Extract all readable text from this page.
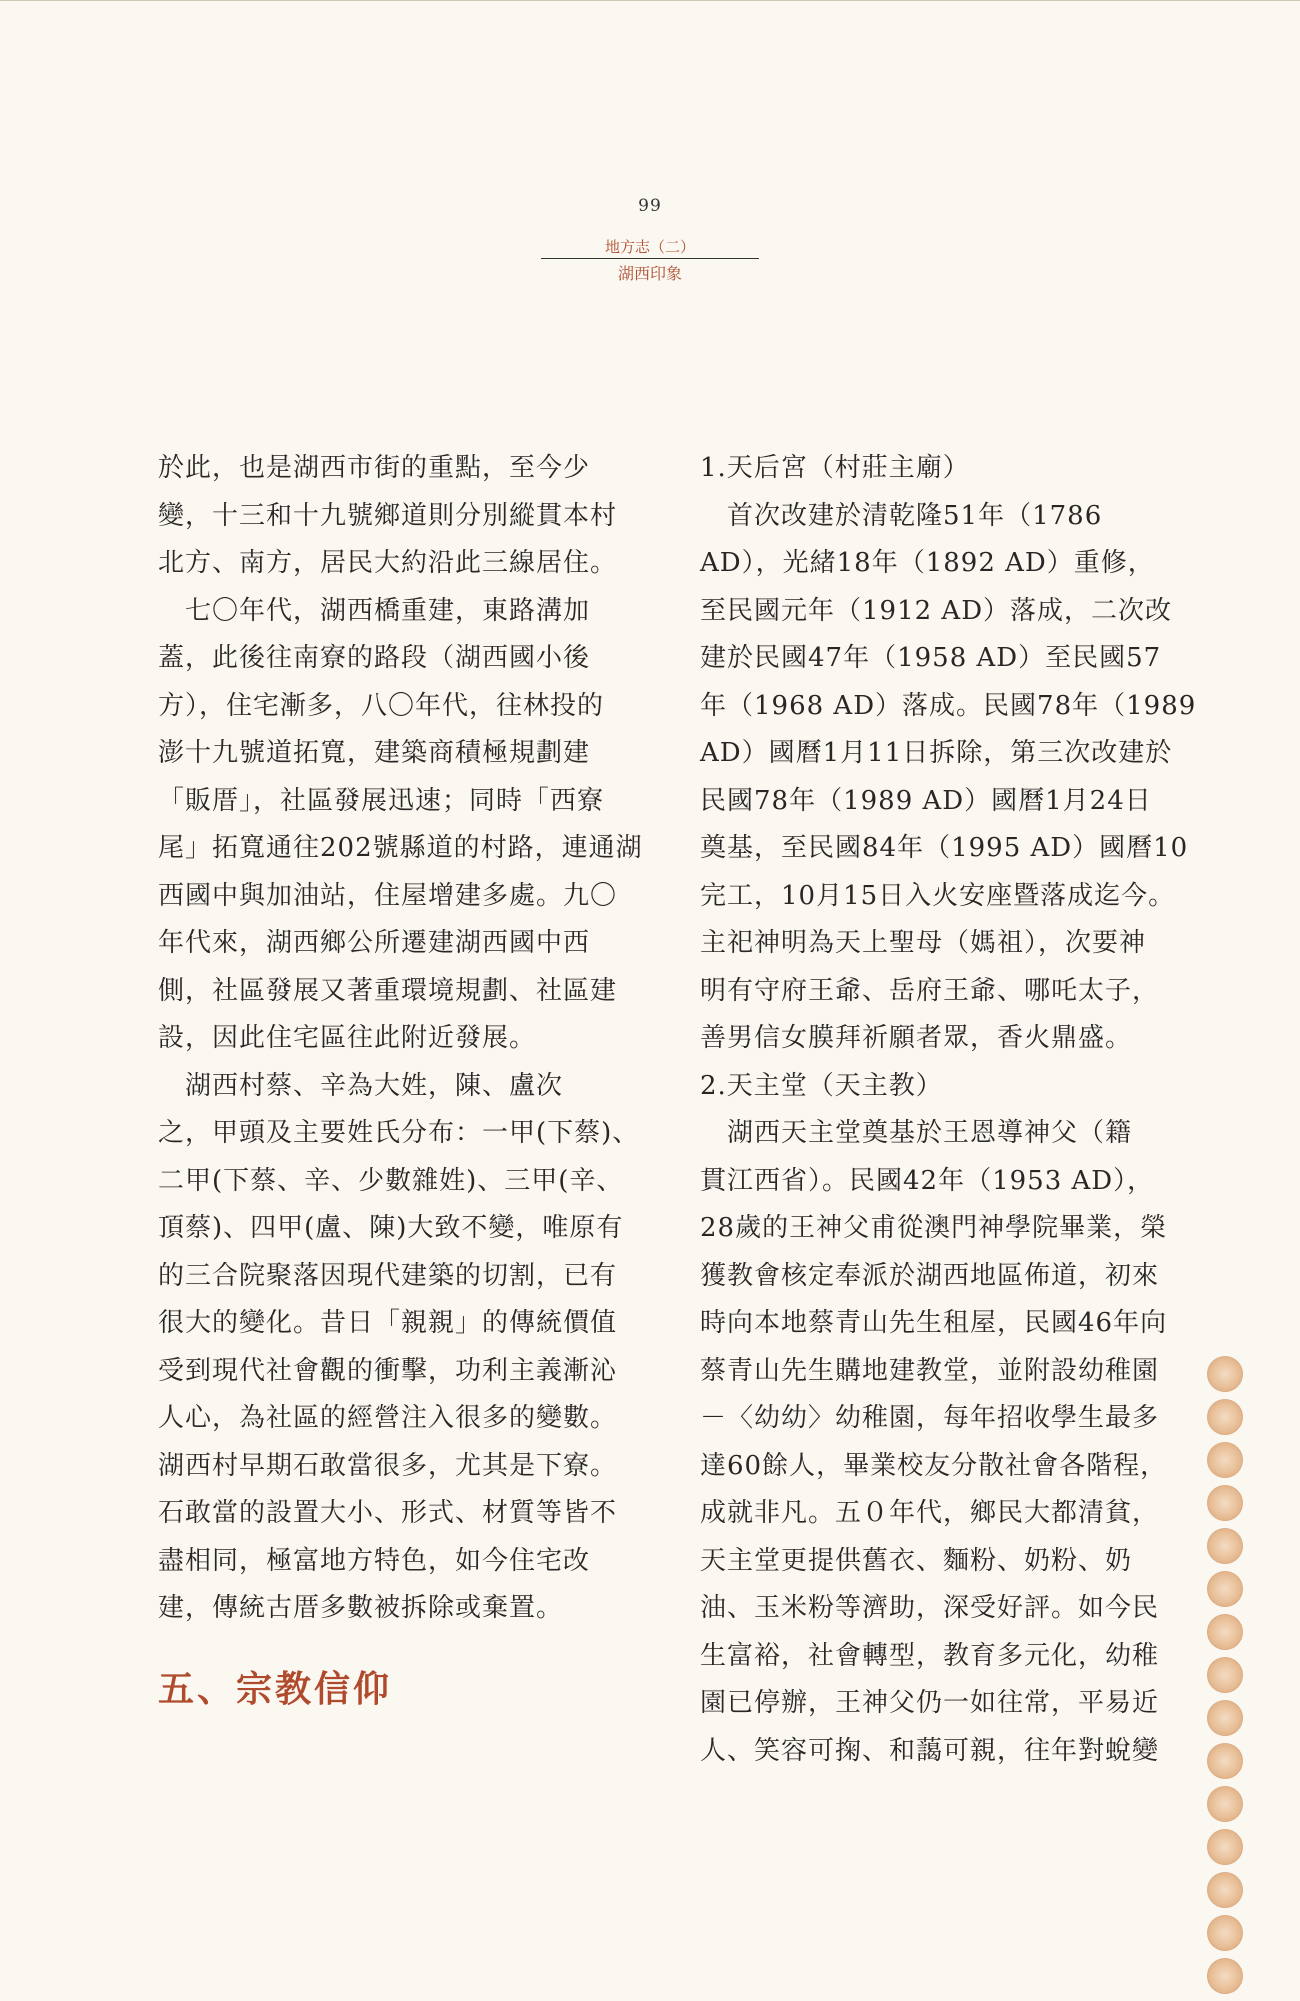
99
地方志（二）
湖西印象

於此，也是湖西市街的重點，至今少
變，十三和十九號鄉道則分別縱貫本村
北方、南方，居民大約沿此三線居住。

　七〇年代，湖西橋重建，東路溝加
蓋，此後往南寮的路段（湖西國小後
方），住宅漸多，八〇年代，往林投的
澎十九號道拓寬，建築商積極規劃建
「販厝」，社區發展迅速；同時「西寮
尾」拓寬通往202號縣道的村路，連通湖
西國中與加油站，住屋增建多處。九〇
年代來，湖西鄉公所遷建湖西國中西
側，社區發展又著重環境規劃、社區建
設，因此住宅區往此附近發展。

　湖西村蔡、辛為大姓，陳、盧次
之，甲頭及主要姓氏分布：一甲(下蔡)、
二甲(下蔡、辛、少數雜姓)、三甲(辛、
頂蔡)、四甲(盧、陳)大致不變，唯原有
的三合院聚落因現代建築的切割，已有
很大的變化。昔日「親親」的傳統價值
受到現代社會觀的衝擊，功利主義漸沁
人心，為社區的經營注入很多的變數。
湖西村早期石敢當很多，尤其是下寮。
石敢當的設置大小、形式、材質等皆不
盡相同，極富地方特色，如今住宅改
建，傳統古厝多數被拆除或棄置。

五、宗教信仰

1.天后宮（村莊主廟）

　首次改建於清乾隆51年（1786
AD），光緒18年（1892 AD）重修，
至民國元年（1912 AD）落成，二次改
建於民國47年（1958 AD）至民國57
年（1968 AD）落成。民國78年（1989
AD）國曆1月11日拆除，第三次改建於
民國78年（1989 AD）國曆1月24日
奠基，至民國84年（1995 AD）國曆10
完工，10月15日入火安座暨落成迄今。
主祀神明為天上聖母（媽祖），次要神
明有守府王爺、岳府王爺、哪吒太子，
善男信女膜拜祈願者眾，香火鼎盛。

2.天主堂（天主教）

　湖西天主堂奠基於王恩導神父（籍
貫江西省）。民國42年（1953 AD），
28歲的王神父甫從澳門神學院畢業，榮
獲教會核定奉派於湖西地區佈道，初來
時向本地蔡青山先生租屋，民國46年向
蔡青山先生購地建教堂，並附設幼稚園
－〈幼幼〉幼稚園，每年招收學生最多
達60餘人，畢業校友分散社會各階程，
成就非凡。五０年代，鄉民大都清貧，
天主堂更提供舊衣、麵粉、奶粉、奶
油、玉米粉等濟助，深受好評。如今民
生富裕，社會轉型，教育多元化，幼稚
園已停辦，王神父仍一如往常，平易近
人、笑容可掬、和藹可親，往年對蛻變
